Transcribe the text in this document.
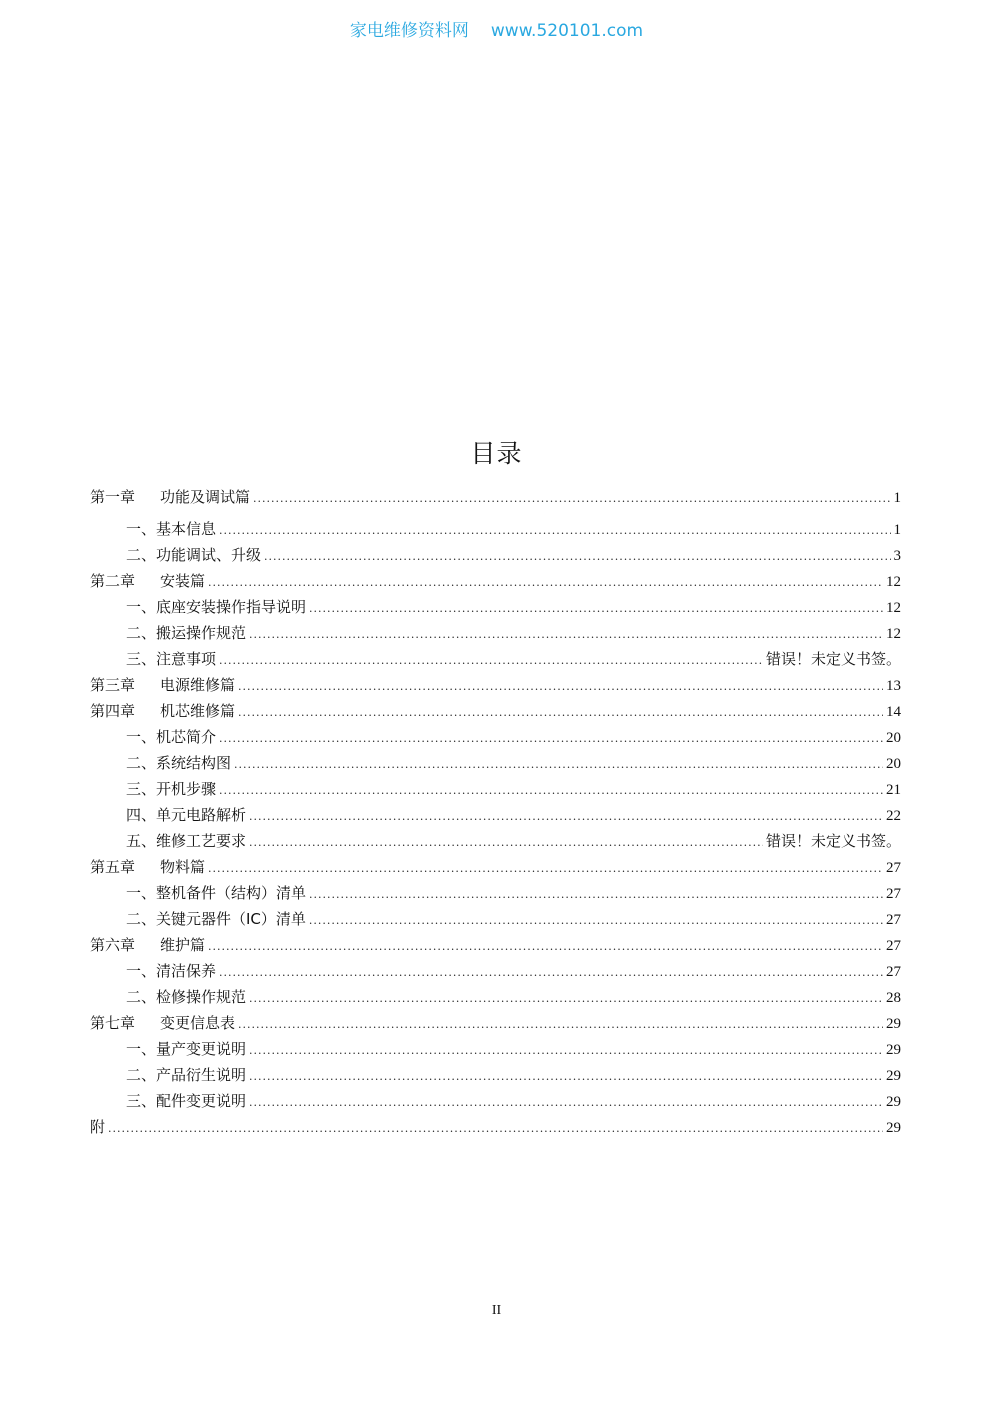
家电维修资料网 www.520101.com
目录
第一章 功能及调试篇 .....	1
一、基本信息 .....	1
二、功能调试、升级 .....	3
第二章 安装篇 .....	12
一、底座安装操作指导说明 .....	12
二、搬运操作规范 .....	12
三、注意事项 .....	错误！未定义书签。
第三章 电源维修篇 .....	13
第四章 机芯维修篇 .....	14
一、机芯简介 .....	20
二、系统结构图 .....	20
三、开机步骤 .....	21
四、单元电路解析 .....	22
五、维修工艺要求 .....	错误！未定义书签。
第五章 物料篇 .....	27
一、整机备件（结构）清单 .....	27
二、关键元器件（IC）清单 .....	27
第六章 维护篇 .....	27
一、清洁保养 .....	27
二、检修操作规范 .....	28
第七章 变更信息表 .....	29
一、量产变更说明 .....	29
二、产品衍生说明 .....	29
三、配件变更说明 .....	29
附 .....	29
II
